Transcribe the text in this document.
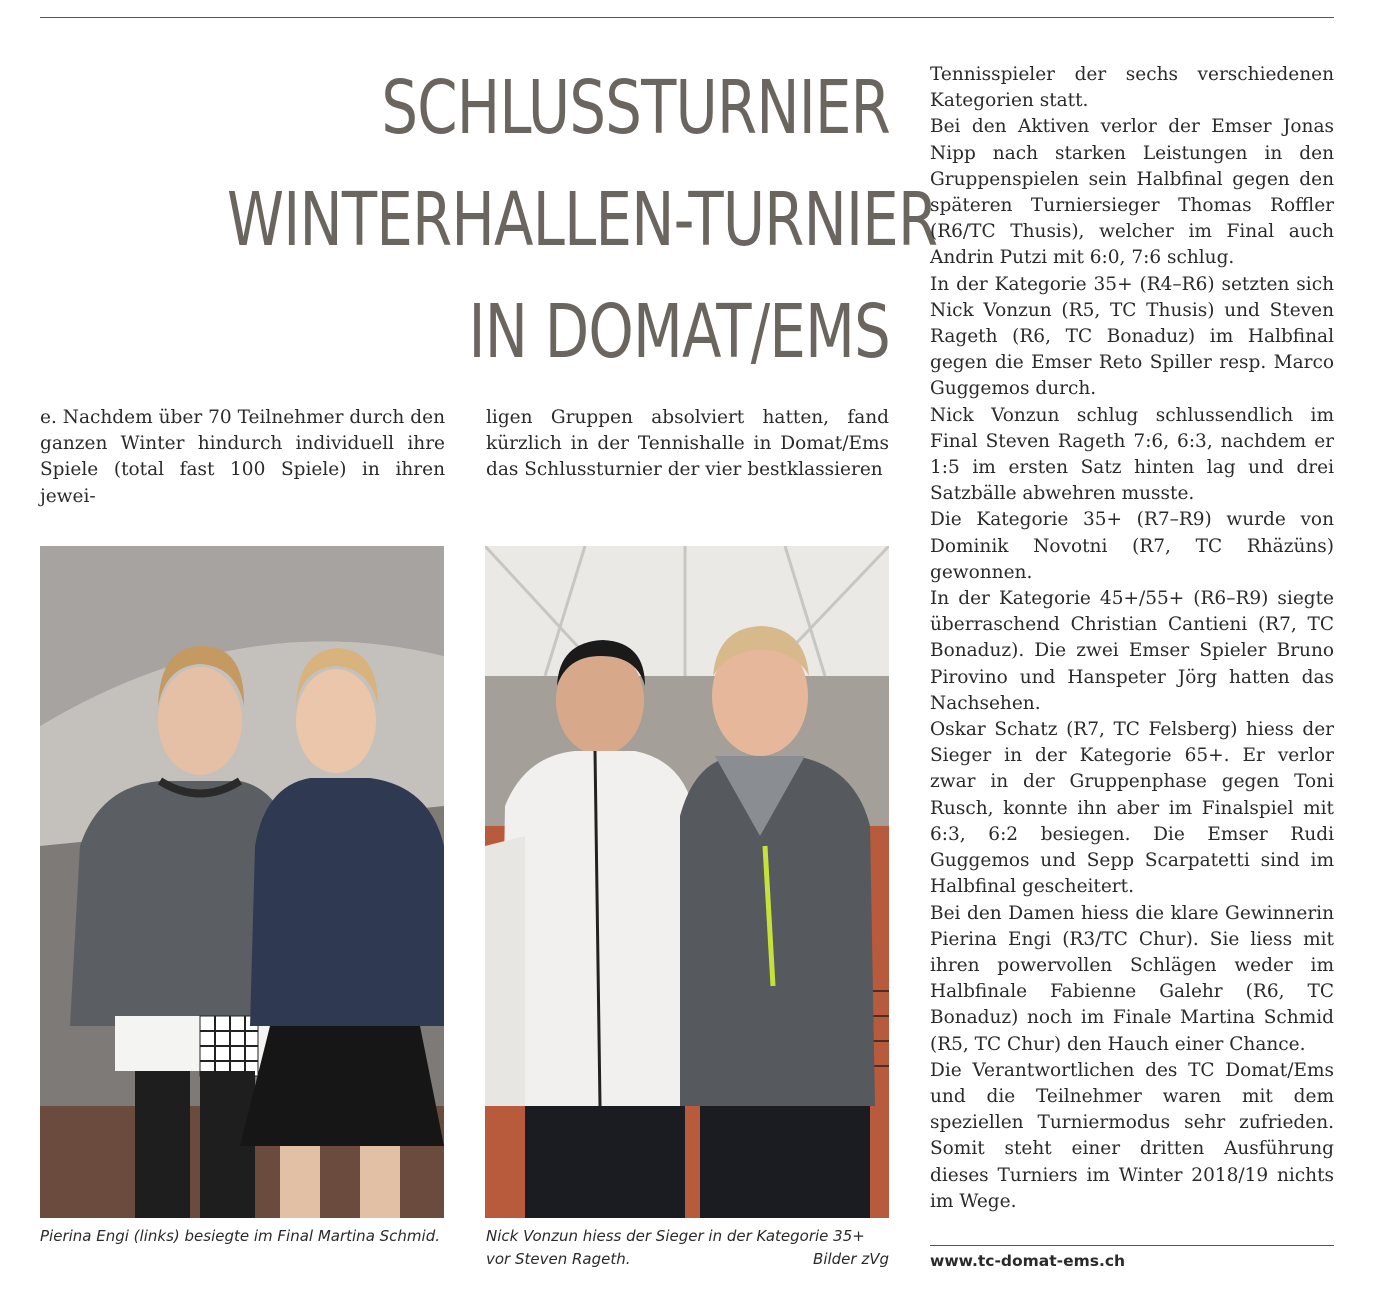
SCHLUSSTURNIER
WINTERHALLEN-TURNIER
IN DOMAT/EMS

e. Nachdem über 70 Teilnehmer durch den ganzen Winter hindurch individuell ihre Spiele (total fast 100 Spiele) in ihren jewei-

ligen Gruppen absolviert hatten, fand kürzlich in der Tennishalle in Domat/Ems das Schlussturnier der vier bestklassieren

Pierina Engi (links) besiegte im Final Martina Schmid.	Nick Vonzun hiess der Sieger in der Kategorie 35+ vor Steven Rageth.	Bilder zVg

Tennisspieler der sechs verschiedenen Kategorien statt.

Bei den Aktiven verlor der Emser Jonas Nipp nach starken Leistungen in den Gruppenspielen sein Halbfinal gegen den späteren Turniersieger Thomas Roffler (R6/TC Thusis), welcher im Final auch Andrin Putzi mit 6:0, 7:6 schlug.

In der Kategorie 35+ (R4–R6) setzten sich Nick Vonzun (R5, TC Thusis) und Steven Rageth (R6, TC Bonaduz) im Halbfinal gegen die Emser Reto Spiller resp. Marco Guggemos durch.

Nick Vonzun schlug schlussendlich im Final Steven Rageth 7:6, 6:3, nachdem er 1:5 im ersten Satz hinten lag und drei Satzbälle abwehren musste.

Die Kategorie 35+ (R7–R9) wurde von Dominik Novotni (R7, TC Rhäzüns) gewonnen.

In der Kategorie 45+/55+ (R6–R9) siegte überraschend Christian Cantieni (R7, TC Bonaduz). Die zwei Emser Spieler Bruno Pirovino und Hanspeter Jörg hatten das Nachsehen.

Oskar Schatz (R7, TC Felsberg) hiess der Sieger in der Kategorie 65+. Er verlor zwar in der Gruppenphase gegen Toni Rusch, konnte ihn aber im Finalspiel mit 6:3, 6:2 besiegen. Die Emser Rudi Guggemos und Sepp Scarpatetti sind im Halbfinal gescheitert.

Bei den Damen hiess die klare Gewinnerin Pierina Engi (R3/TC Chur). Sie liess mit ihren powervollen Schlägen weder im Halbfinale Fabienne Galehr (R6, TC Bonaduz) noch im Finale Martina Schmid (R5, TC Chur) den Hauch einer Chance.

Die Verantwortlichen des TC Domat/Ems und die Teilnehmer waren mit dem speziellen Turniermodus sehr zufrieden. Somit steht einer dritten Ausführung dieses Turniers im Winter 2018/19 nichts im Wege.

www.tc-domat-ems.ch
